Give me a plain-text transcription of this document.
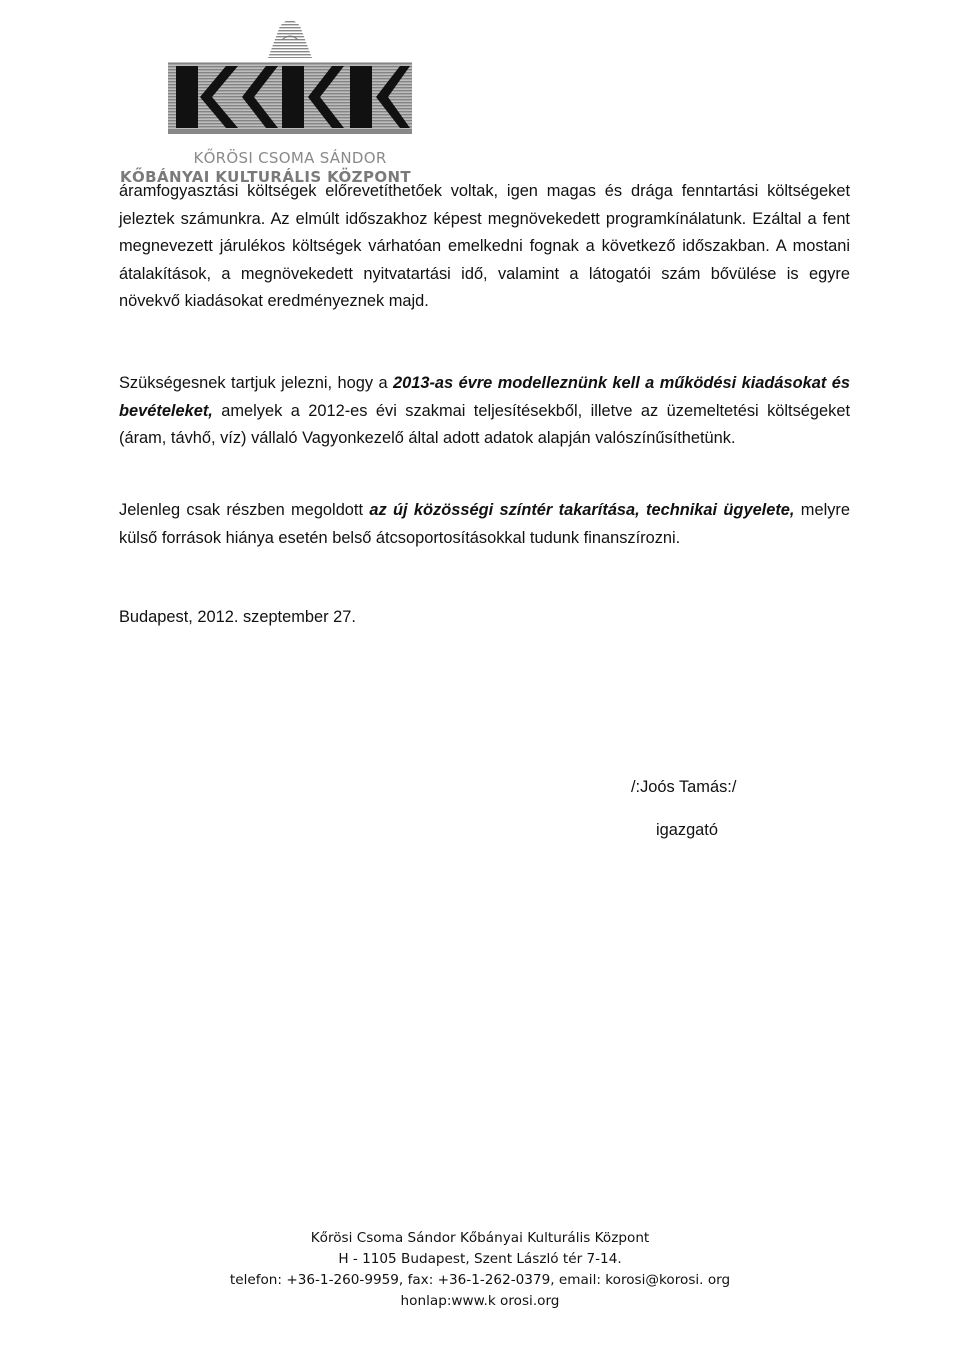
KŐRÖSI CSOMA SÁNDOR
KŐBÁNYAI KULTURÁLIS KÖZPONT
áramfogyasztási költségek előrevetíthetőek voltak, igen magas és drága fenntartási költségeket jeleztek számunkra. Az elmúlt időszakhoz képest megnövekedett programkínálatunk. Ezáltal a fent megnevezett járulékos költségek várhatóan emelkedni fognak a következő időszakban. A mostani átalakítások, a megnövekedett nyitvatartási idő, valamint a látogatói szám bővülése is egyre növekvő kiadásokat eredményeznek majd.
Szükségesnek tartjuk jelezni, hogy a 2013-as évre modelleznünk kell a működési kiadásokat és bevételeket, amelyek a 2012-es évi szakmai teljesítésekből, illetve az üzemeltetési költségeket (áram, távhő, víz) vállaló Vagyonkezelő által adott adatok alapján valószínűsíthetünk.
Jelenleg csak részben megoldott az új közösségi színtér takarítása, technikai ügyelete, melyre külső források hiánya esetén belső átcsoportosításokkal tudunk finanszírozni.
Budapest, 2012. szeptember 27.
/:Joós Tamás:/
igazgató
Kőrösi Csoma Sándor Kőbányai Kulturális Központ
H - 1105 Budapest, Szent László tér 7-14.
telefon: +36-1-260-9959, fax: +36-1-262-0379, email: korosi@korosi. org
honlap:www.k orosi.org
